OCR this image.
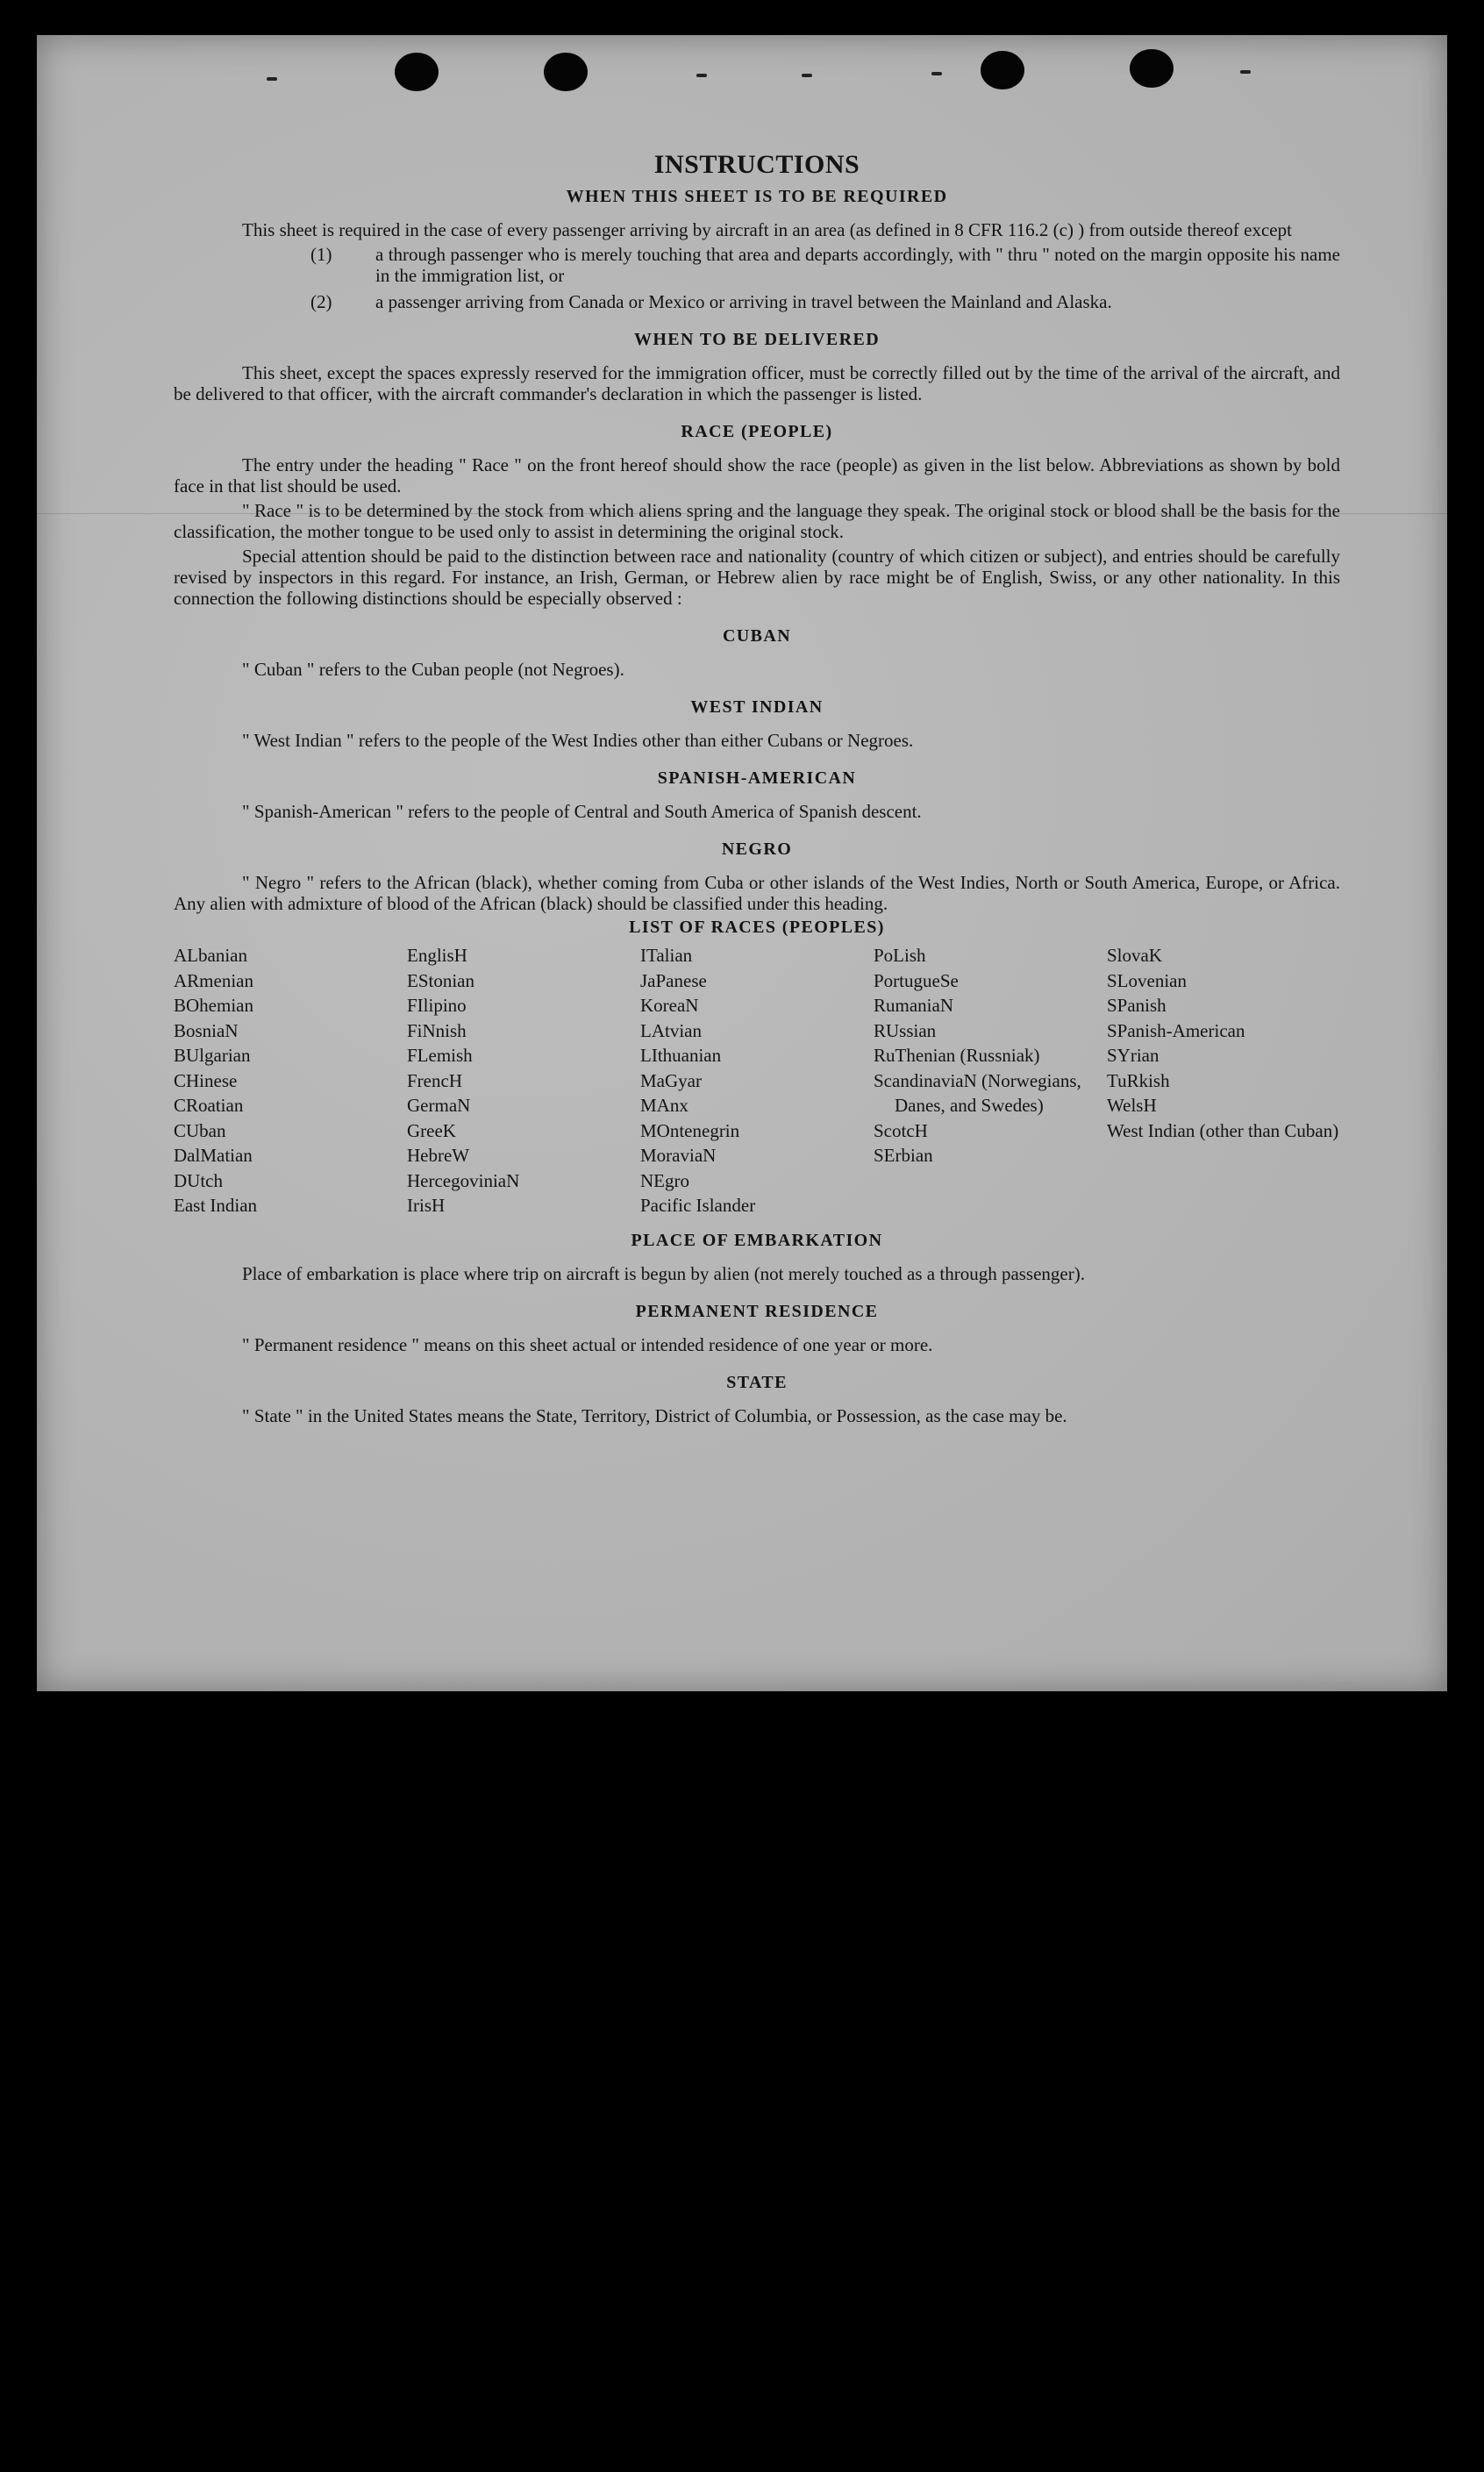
INSTRUCTIONS
WHEN THIS SHEET IS TO BE REQUIRED

This sheet is required in the case of every passenger arriving by aircraft in an area (as defined in 8 CFR 116.2 (c) ) from outside thereof except

(1)	a through passenger who is merely touching that area and departs accordingly, with " thru " noted on the margin opposite his name in the immigration list, or
(2)	a passenger arriving from Canada or Mexico or arriving in travel between the Mainland and Alaska.
WHEN TO BE DELIVERED

This sheet, except the spaces expressly reserved for the immigration officer, must be correctly filled out by the time of the arrival of the aircraft, and be delivered to that officer, with the aircraft commander's declaration in which the passenger is listed.

RACE (PEOPLE)

The entry under the heading " Race " on the front hereof should show the race (people) as given in the list below. Abbreviations as shown by bold face in that list should be used.

" Race " is to be determined by the stock from which aliens spring and the language they speak. The original stock or blood shall be the basis for the classification, the mother tongue to be used only to assist in determining the original stock.

Special attention should be paid to the distinction between race and nationality (country of which citizen or subject), and entries should be carefully revised by inspectors in this regard. For instance, an Irish, German, or Hebrew alien by race might be of English, Swiss, or any other nationality. In this connection the following distinctions should be especially observed :

CUBAN

" Cuban " refers to the Cuban people (not Negroes).

WEST INDIAN

" West Indian " refers to the people of the West Indies other than either Cubans or Negroes.

SPANISH-AMERICAN

" Spanish-American " refers to the people of Central and South America of Spanish descent.

NEGRO

" Negro " refers to the African (black), whether coming from Cuba or other islands of the West Indies, North or South America, Europe, or Africa. Any alien with admixture of blood of the African (black) should be classified under this heading.

LIST OF RACES (PEOPLES)
ALbanian
ARmenian
BOhemian
BosniaN
BUlgarian
CHinese
CRoatian
CUban
DalMatian
DUtch
East Indian
EnglisH
EStonian
FIlipino
FiNnish
FLemish
FrencH
GermaN
GreeK
HebreW
HercegoviniaN
IrisH
ITalian
JaPanese
KoreaN
LAtvian
LIthuanian
MaGyar
MAnx
MOntenegrin
MoraviaN
NEgro
Pacific Islander
PoLish
PortugueSe
RumaniaN
RUssian
RuThenian (Russniak)
ScandinaviaN (Norwegians, Danes, and Swedes)
ScotcH
SErbian
SlovaK
SLovenian
SPanish
SPanish-American
SYrian
TuRkish
WelsH
West Indian (other than Cuban)
PLACE OF EMBARKATION

Place of embarkation is place where trip on aircraft is begun by alien (not merely touched as a through passenger).

PERMANENT RESIDENCE

" Permanent residence " means on this sheet actual or intended residence of one year or more.

STATE

" State " in the United States means the State, Territory, District of Columbia, or Possession, as the case may be.
